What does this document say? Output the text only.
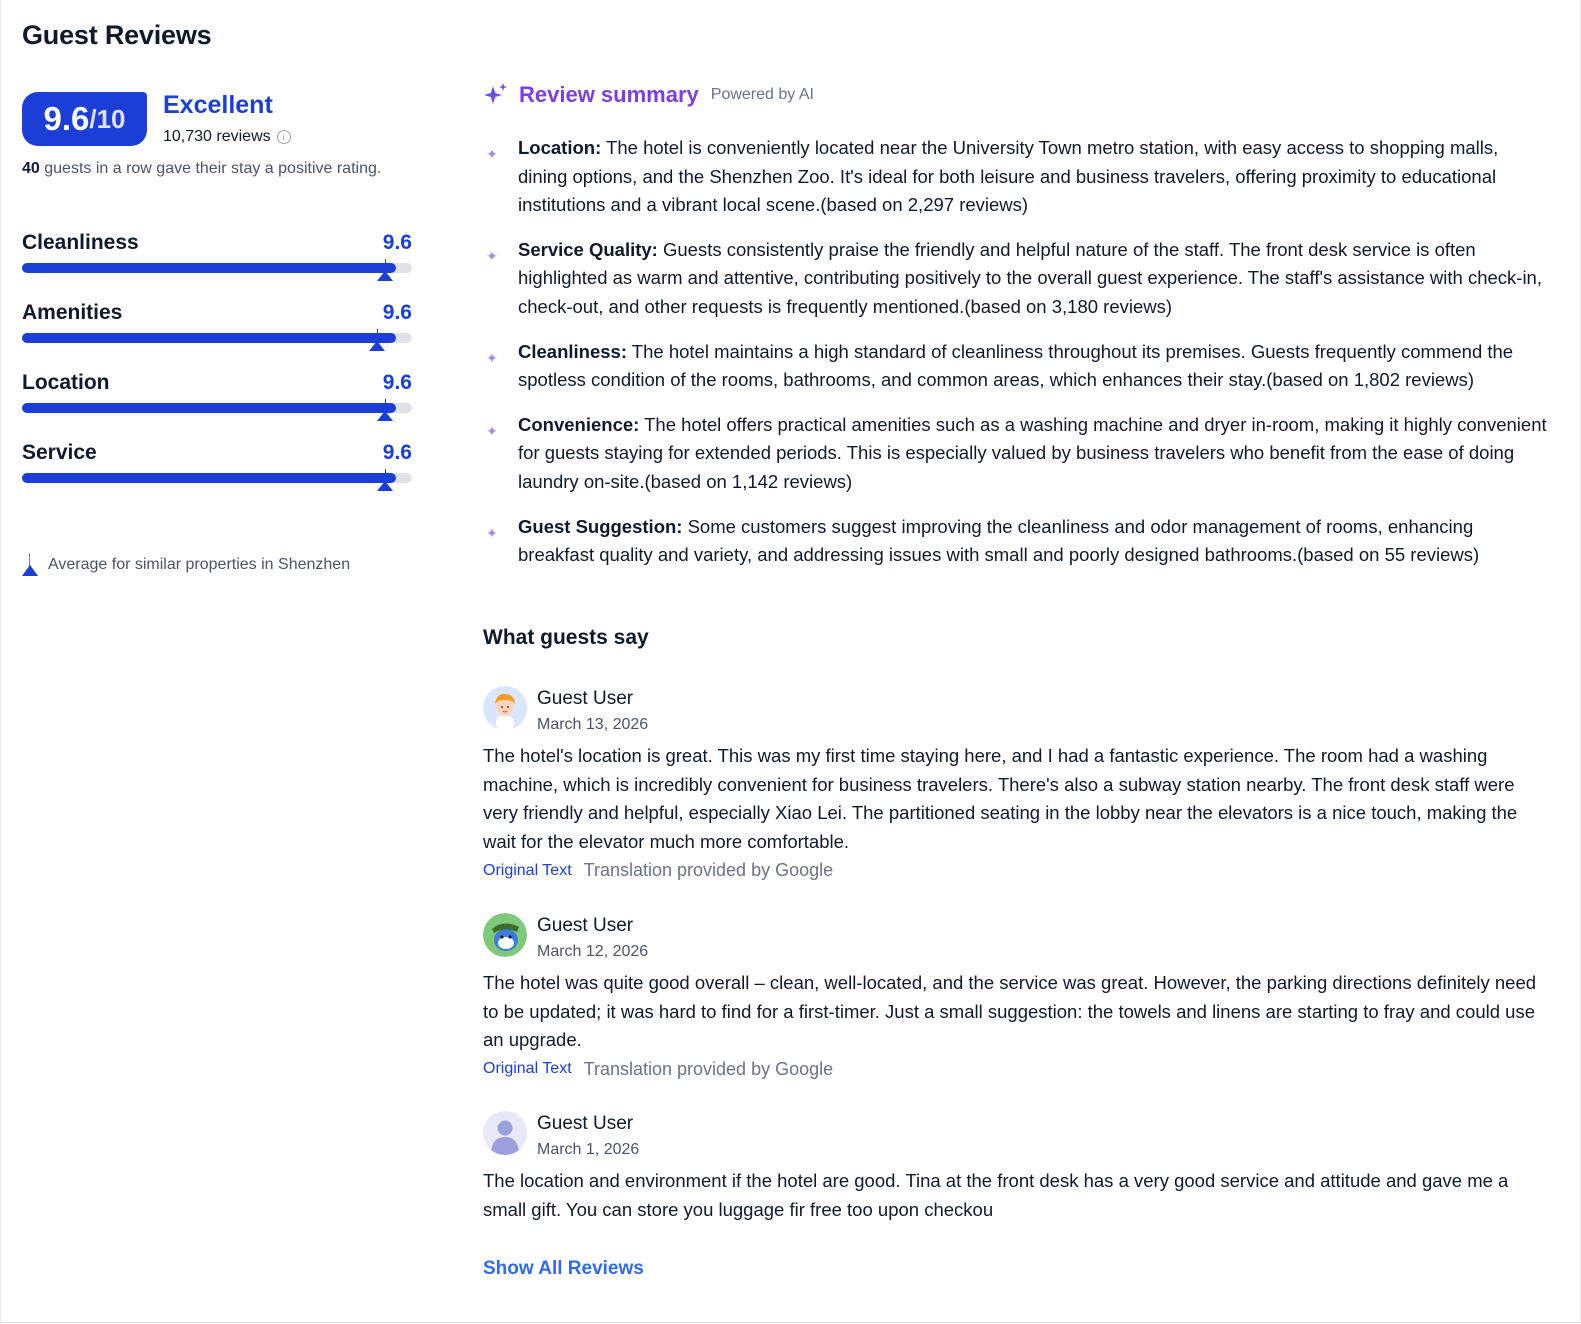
Guest Reviews
9.6 /10 Excellent
10,730 reviews	i
40 guests in a row gave their stay a positive rating.
Cleanliness	9.6
Amenities	9.6
Location	9.6
Service	9.6
Average for similar properties in Shenzhen
Review summary Powered by AI
✦ Location: The hotel is conveniently located near the University Town metro station, with easy access to shopping malls, dining options, and the Shenzhen Zoo. It's ideal for both leisure and business travelers, offering proximity to educational institutions and a vibrant local scene.(based on 2,297 reviews)
✦ Service Quality: Guests consistently praise the friendly and helpful nature of the staff. The front desk service is often highlighted as warm and attentive, contributing positively to the overall guest experience. The staff's assistance with check-in, check-out, and other requests is frequently mentioned.(based on 3,180 reviews)
✦ Cleanliness: The hotel maintains a high standard of cleanliness throughout its premises. Guests frequently commend the spotless condition of the rooms, bathrooms, and common areas, which enhances their stay.(based on 1,802 reviews)
✦ Convenience: The hotel offers practical amenities such as a washing machine and dryer in-room, making it highly convenient for guests staying for extended periods. This is especially valued by business travelers who benefit from the ease of doing laundry on-site.(based on 1,142 reviews)
✦ Guest Suggestion: Some customers suggest improving the cleanliness and odor management of rooms, enhancing breakfast quality and variety, and addressing issues with small and poorly designed bathrooms.(based on 55 reviews)
What guests say
Guest User
March 13, 2026
The hotel's location is great. This was my first time staying here, and I had a fantastic experience. The room had a washing machine, which is incredibly convenient for business travelers. There's also a subway station nearby. The front desk staff were very friendly and helpful, especially Xiao Lei. The partitioned seating in the lobby near the elevators is a nice touch, making the wait for the elevator much more comfortable.
Original Text Translation provided by Google
Guest User
March 12, 2026
The hotel was quite good overall – clean, well-located, and the service was great. However, the parking directions definitely need to be updated; it was hard to find for a first-timer. Just a small suggestion: the towels and linens are starting to fray and could use an upgrade.
Original Text Translation provided by Google
Guest User
March 1, 2026
The location and environment if the hotel are good. Tina at the front desk has a very good service and attitude and gave me a small gift. You can store you luggage fir free too upon checkou
Show All Reviews
